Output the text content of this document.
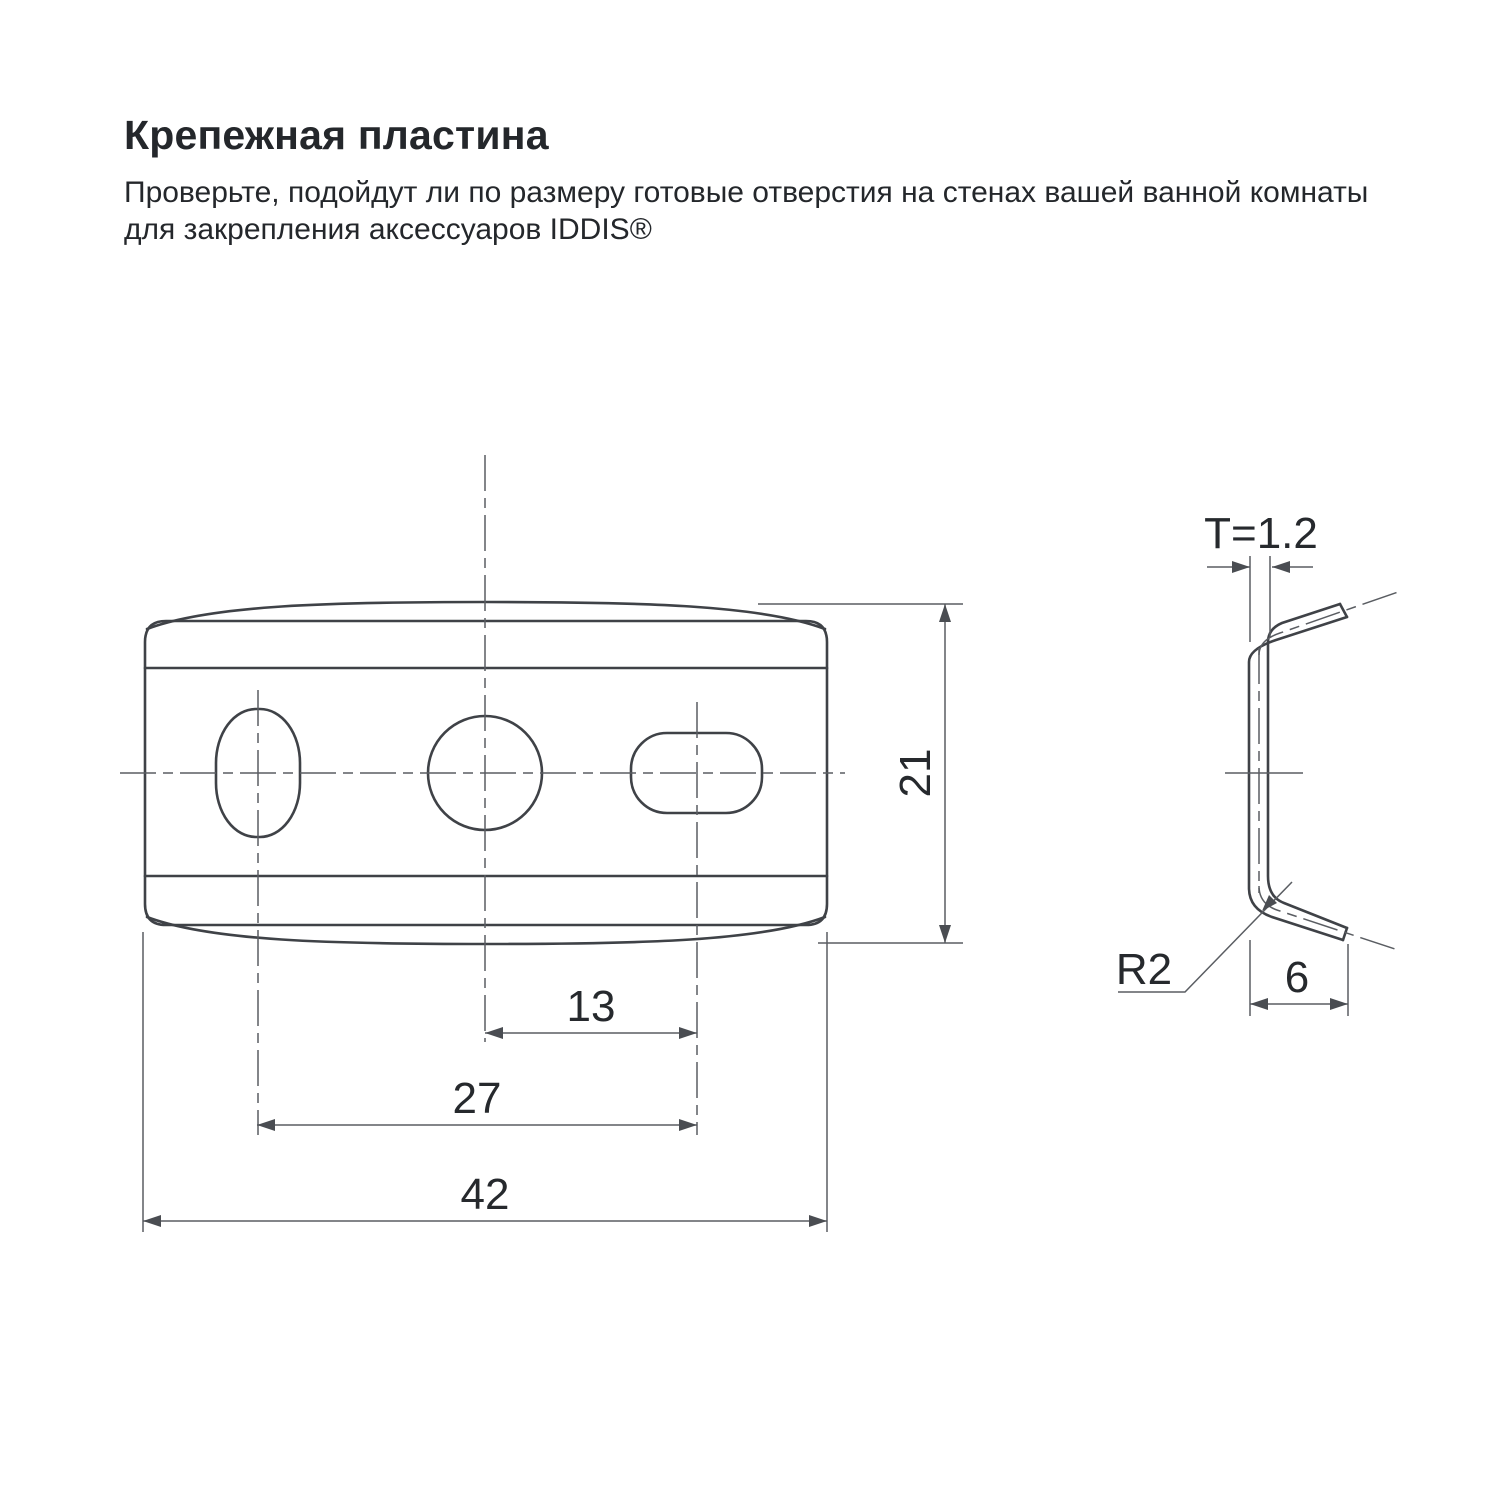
Крепежная пластина
Проверьте, подойдут ли по размеру готовые отверстия на стенах вашей ванной комнаты
для закрепления аксессуаров IDDIS®
13
27
42
21
T=1.2
R2	6
